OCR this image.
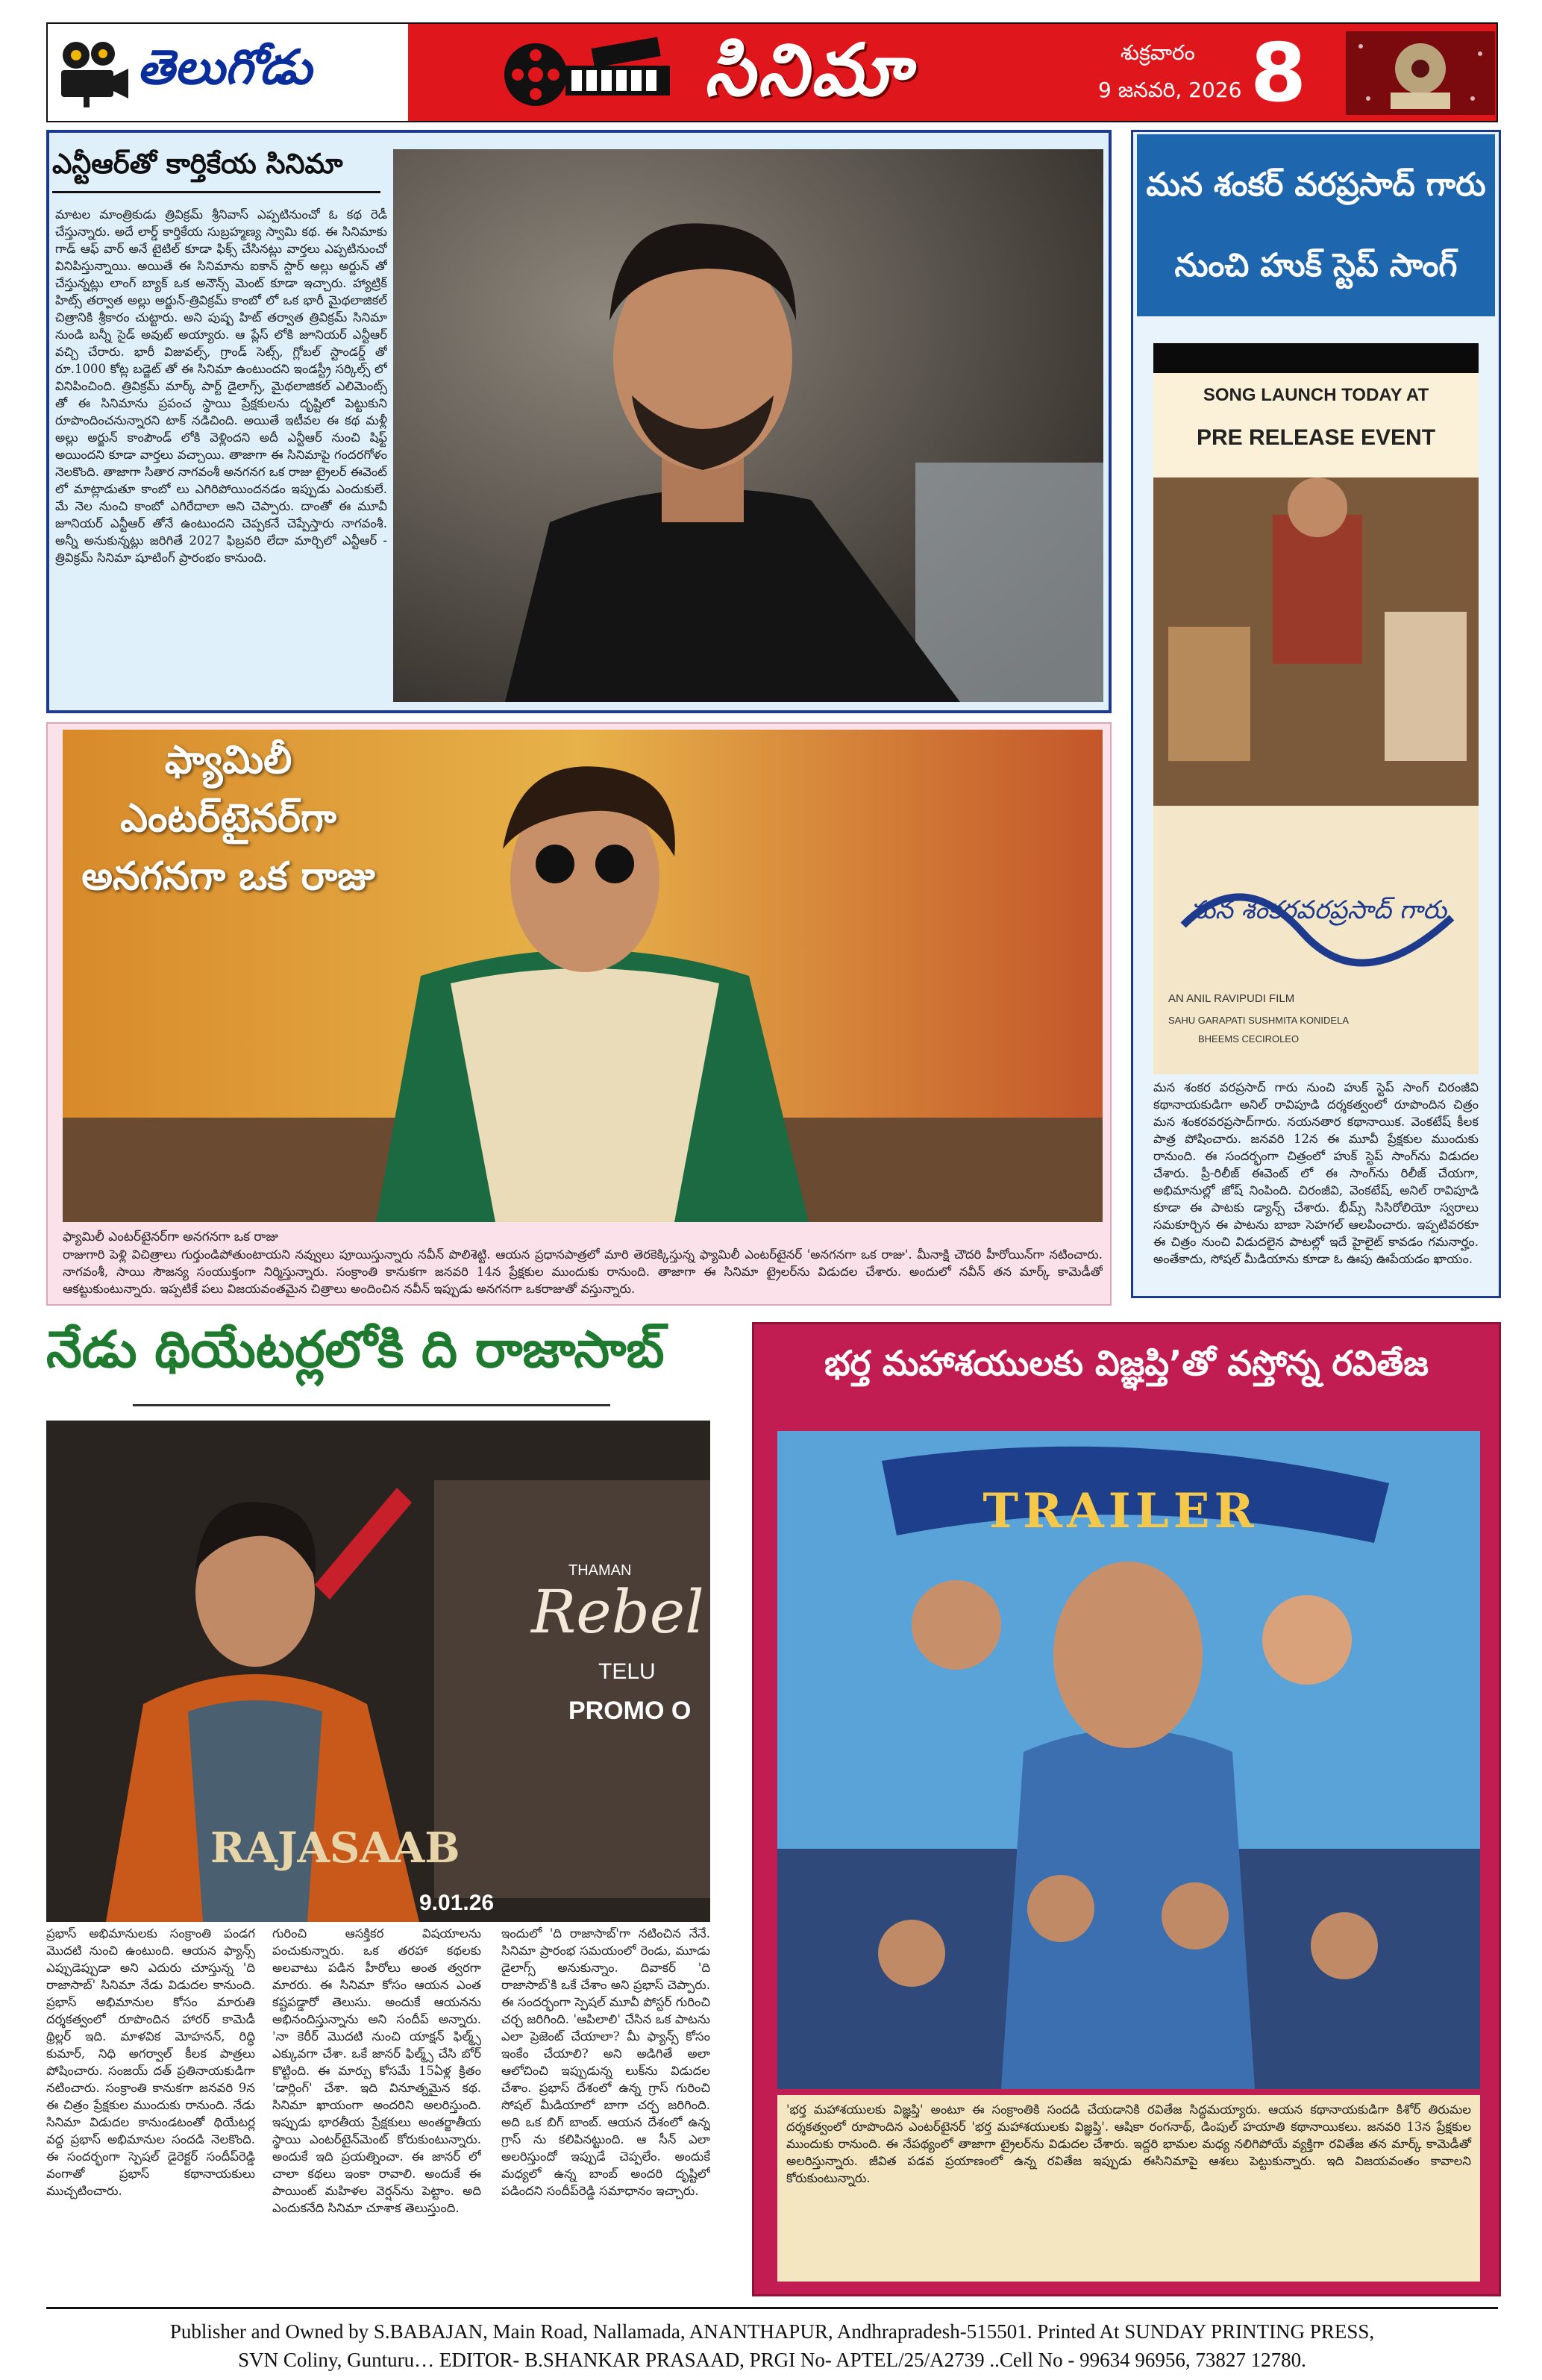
తెలుగోడు	సినిమా	శుక్రవారం
9 జనవరి, 2026 8
ఎన్టీఆర్‌తో కార్తికేయ సినిమా
మాటల మాంత్రికుడు త్రివిక్రమ్ శ్రీనివాస్ ఎప్పటినుంచో ఓ కథ రెడీ చేస్తున్నారు. అదే లార్డ్ కార్తికేయ సుబ్రహ్మణ్య స్వామి కథ. ఈ సినిమాకు గాడ్ ఆఫ్ వార్ అనే టైటిల్ కూడా ఫిక్స్ చేసినట్లు వార్తలు ఎప్పటినుంచో వినిపిస్తున్నాయి. అయితే ఈ సినిమాను ఐకాన్ స్టార్ అల్లు అర్జున్ తో చేస్తున్నట్లు లాంగ్ బ్యాక్ ఒక అనౌన్స్ మెంట్ కూడా ఇచ్చారు. హ్యాట్రిక్ హిట్స్ తర్వాత అల్లు అర్జున్-త్రివిక్రమ్ కాంబో లో ఒక భారీ మైథలాజికల్ చిత్రానికి శ్రీకారం చుట్టారు. అని పుష్ప హిట్ తర్వాత త్రివిక్రమ్ సినిమా నుండి బన్నీ సైడ్ అవుట్ అయ్యారు. ఆ ప్లేస్ లోకి జూనియర్ ఎన్టీఆర్ వచ్చి చేరారు. భారీ విజువల్స్, గ్రాండ్ సెట్స్, గ్లోబల్ స్టాండర్డ్ తో రూ.1000 కోట్ల బడ్జెట్ తో ఈ సినిమా ఉంటుందని ఇండస్ట్రీ సర్కిల్స్ లో వినిపించింది. త్రివిక్రమ్ మార్క్ పార్ట్ డైలాగ్స్, మైథలాజికల్ ఎలిమెంట్స్ తో ఈ సినిమాను ప్రపంచ స్థాయి ప్రేక్షకులను దృష్టిలో పెట్టుకుని రూపొందించనున్నారని టాక్ నడిచింది. అయితే ఇటీవల ఈ కథ మళ్లీ అల్లు అర్జున్ కాంపౌండ్ లోకి వెళ్లిందని అదీ ఎన్టీఆర్ నుంచి షిఫ్ట్ అయిందని కూడా వార్తలు వచ్చాయి. తాజాగా ఈ సినిమాపై గందరగోళం నెలకొంది. తాజాగా సితార నాగవంశీ అనగనగ ఒక రాజు ట్రైలర్ ఈవెంట్ లో మాట్లాడుతూ కాంబో లు ఎగిరిపోయిందనడం ఇప్పుడు ఎందుకులే. మే నెల నుంచి కాంబో ఎగిరేదాలా అని చెప్పారు. దాంతో ఈ మూవీ జూనియర్ ఎన్టీఆర్ తోనే ఉంటుందని చెప్పకనే చెప్పేస్తారు నాగవంశీ. అన్నీ అనుకున్నట్లు జరిగితే 2027 ఫిబ్రవరి లేదా మార్చిలో ఎన్టీఆర్ - త్రివిక్రమ్ సినిమా షూటింగ్ ప్రారంభం కానుంది.
మన శంకర్ వరప్రసాద్ గారు నుంచి హుక్ స్టెప్ సాంగ్
SONG LAUNCH TODAY AT
PRE RELEASE EVENT
మన శంకరవరప్రసాద్ గారు
AN ANIL RAVIPUDI FILM
SAHU GARAPATI SUSHMITA KONIDELA
BHEEMS CECIROLEO
మన శంకర వరప్రసాద్ గారు నుంచి హుక్ స్టెప్ సాంగ్ చిరంజీవి కథానాయకుడిగా అనిల్ రావిపూడి దర్శకత్వంలో రూపొందిన చిత్రం మన శంకరవరప్రసాద్‌గారు. నయనతార కథానాయిక. వెంకటేష్ కీలక పాత్ర పోషించారు. జనవరి 12న ఈ మూవీ ప్రేక్షకుల ముందుకు రానుంది. ఈ సందర్భంగా చిత్రంలో హుక్ స్టెప్ సాంగ్‌ను విడుదల చేశారు. ప్రీ-రిలీజ్ ఈవెంట్ లో ఈ సాంగ్‌ను రిలీజ్ చేయగా, అభిమానుల్లో జోష్ నింపింది. చిరంజీవి, వెంకటేష్, అనిల్ రావిపూడి కూడా ఈ పాటకు డ్యాన్స్ చేశారు. భీమ్స్ సిసిరోలియో స్వరాలు సమకూర్చిన ఈ పాటను బాబా సెహగల్ ఆలపించారు. ఇప్పటివరకూ ఈ చిత్రం నుంచి విడుదలైన పాటల్లో ఇదే హైలైట్ కావడం గమనార్హం. అంతేకాదు, సోషల్ మీడియాను కూడా ఓ ఊపు ఊపేయడం ఖాయం.
ఫ్యామిలీ ఎంటర్‌టైనర్‌గా అనగనగా ఒక రాజు
ఫ్యామిలీ ఎంటర్‌టైనర్‌గా అనగనగా ఒక రాజు
రాజుగారి పెళ్లి విచిత్రాలు గుర్తుండిపోతుంటాయని నవ్వులు పూయిస్తున్నారు నవీన్ పొలిశెట్టి. ఆయన ప్రధానపాత్రలో మారి తెరకెక్కిస్తున్న ఫ్యామిలీ ఎంటర్‌టైనర్ 'అనగనగా ఒక రాజు'. మీనాక్షి చౌదరి హీరోయిన్‌గా నటించారు. నాగవంశీ, సాయి సౌజన్య సంయుక్తంగా నిర్మిస్తున్నారు. సంక్రాంతి కానుకగా జనవరి 14న ప్రేక్షకుల ముందుకు రానుంది. తాజాగా ఈ సినిమా ట్రైలర్‌ను విడుదల చేశారు. అందులో నవీన్ తన మార్క్ కామెడీతో ఆకట్టుకుంటున్నారు. ఇప్పటికే పలు విజయవంతమైన చిత్రాలు అందించిన నవీన్ ఇప్పుడు అనగనగా ఒకరాజుతో వస్తున్నారు.
నేడు థియేటర్లలోకి ది రాజాసాబ్
Rebel
THAMAN
TELU
PROMO O
RAJASAAB
9.01.26
ప్రభాస్ అభిమానులకు సంక్రాంతి పండగ మొదటి నుంచి ఉంటుంది. ఆయన ఫ్యాన్స్ ఎప్పుడెప్పుడా అని ఎదురు చూస్తున్న 'ది రాజాసాబ్' సినిమా నేడు విడుదల కానుంది. ప్రభాస్ అభిమానుల కోసం మారుతి దర్శకత్వంలో రూపొందిన హారర్ కామెడీ థ్రిల్లర్ ఇది. మాళవిక మోహనన్, రిద్ధి కుమార్, నిధి అగర్వాల్ కీలక పాత్రలు పోషించారు. సంజయ్ దత్ ప్రతినాయకుడిగా నటించారు. సంక్రాంతి కానుకగా జనవరి 9న ఈ చిత్రం ప్రేక్షకుల ముందుకు రానుంది. నేడు సినిమా విడుదల కానుండటంతో థియేటర్ల వద్ద ప్రభాస్ అభిమానుల సందడి నెలకొంది. ఈ సందర్భంగా స్పెషల్ డైరెక్టర్ సందీప్‌రెడ్డి వంగాతో ప్రభాస్ కథానాయకులు ముచ్చటించారు.
గురించి ఆసక్తికర విషయాలను పంచుకున్నారు. ఒక తరహా కథలకు అలవాటు పడిన హీరోలు అంత త్వరగా మారరు. ఈ సినిమా కోసం ఆయన ఎంత కష్టపడ్డారో తెలుసు. అందుకే ఆయనను అభినందిస్తున్నాను అని సందీప్ అన్నారు. 'నా కెరీర్ మొదటి నుంచి యాక్షన్ ఫిల్మ్స్ ఎక్కువగా చేశా. ఒకే జానర్ ఫిల్మ్స్ చేసి బోర్ కొట్టింది. ఈ మార్పు కోసమే 15ఏళ్ల క్రితం 'డార్లింగ్' చేశా. ఇది వినూత్నమైన కథ. సినిమా ఖాయంగా అందరిని అలరిస్తుంది. ఇప్పుడు భారతీయ ప్రేక్షకులు అంతర్జాతీయ స్థాయి ఎంటర్‌టైన్‌మెంట్ కోరుకుంటున్నారు. అందుకే ఇది ప్రయత్నించా. ఈ జానర్ లో చాలా కథలు ఇంకా రావాలి. అందుకే ఈ పాయింట్ మహిళల వెర్షన్‌ను పెట్టాం. అది ఎందుకనేది సినిమా చూశాక తెలుస్తుంది.
ఇందులో 'ది రాజాసాబ్'గా నటించిన నేనే. సినిమా ప్రారంభ సమయంలో రెండు, మూడు డైలాగ్స్ అనుకున్నాం. దివాకర్ 'ది రాజాసాబ్'కి ఒకే చేశాం అని ప్రభాస్ చెప్పారు. ఈ సందర్భంగా స్పెషల్ మూవీ పోస్టర్ గురించి చర్చ జరిగింది. 'ఆపిలాలి' చేసిన ఒక పాటను ఎలా ప్రెజెంట్ చేయాలా? మీ ఫ్యాన్స్ కోసం ఇంకేం చేయాలి? అని అడిగితే అలా ఆలోచించి ఇప్పుడున్న లుక్‌ను విడుదల చేశాం. ప్రభాస్ దేశంలో ఉన్న గ్రాస్ గురించి సోషల్ మీడియాలో బాగా చర్చ జరిగింది. అది ఒక బిగ్ బాంబ్. ఆయన దేశంలో ఉన్న గ్రాస్ ను కలిపినట్టుంది. ఆ సీన్ ఎలా అలరిస్తుందో ఇప్పుడే చెప్పలేం. అందుకే మధ్యలో ఉన్న బాంబ్ అందరి దృష్టిలో పడిందని సందీప్‌రెడ్డి సమాధానం ఇచ్చారు.
భర్త మహాశయులకు విజ్ఞప్తి’తో వస్తోన్న రవితేజ
TRAILER
'భర్త మహాశయులకు విజ్ఞప్తి' అంటూ ఈ సంక్రాంతికి సందడి చేయడానికి రవితేజ సిద్ధమయ్యారు. ఆయన కథానాయకుడిగా కిశోర్ తిరుమల దర్శకత్వంలో రూపొందిన ఎంటర్‌టైనర్ 'భర్త మహాశయులకు విజ్ఞప్తి'. ఆషికా రంగనాథ్, డింపుల్ హయాతి కథానాయికలు. జనవరి 13న ప్రేక్షకుల ముందుకు రానుంది. ఈ నేపథ్యంలో తాజాగా ట్రైలర్‌ను విడుదల చేశారు. ఇద్దరి భామల మధ్య నలిగిపోయే వ్యక్తిగా రవితేజ తన మార్క్ కామెడీతో అలరిస్తున్నారు. జీవిత పడవ ప్రయాణంలో ఉన్న రవితేజ ఇప్పుడు ఈసినిమాపై ఆశలు పెట్టుకున్నారు. ఇది విజయవంతం కావాలని కోరుకుంటున్నారు.
Publisher and Owned by S.BABAJAN, Main Road, Nallamada, ANANTHAPUR, Andhrapradesh-515501. Printed At SUNDAY PRINTING PRESS,
SVN Coliny, Gunturu… EDITOR- B.SHANKAR PRASAAD, PRGI No- APTEL/25/A2739 ..Cell No - 99634 96956, 73827 12780.
